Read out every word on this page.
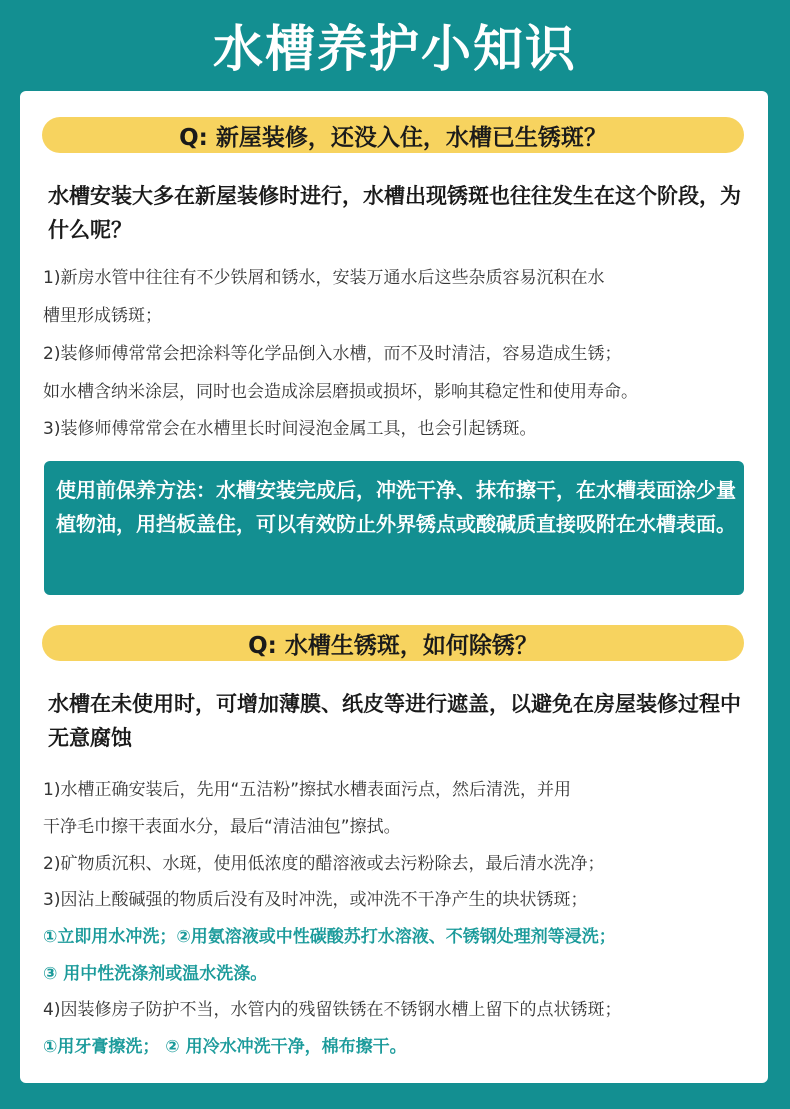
水槽养护小知识
Q: 新屋装修，还没入住，水槽已生锈斑？
水槽安装大多在新屋装修时进行，水槽出现锈斑也往往发生在这个阶段，为什么呢？
1)新房水管中往往有不少铁屑和锈水，安装万通水后这些杂质容易沉积在水
槽里形成锈斑；
2)装修师傅常常会把涂料等化学品倒入水槽，而不及时清洁，容易造成生锈；
如水槽含纳米涂层，同时也会造成涂层磨损或损坏，影响其稳定性和使用寿命。
3)装修师傅常常会在水槽里长时间浸泡金属工具，也会引起锈斑。
使用前保养方法：水槽安装完成后，冲洗干净、抹布擦干，在水槽表面涂少量植物油，用挡板盖住，可以有效防止外界锈点或酸碱质直接吸附在水槽表面。
Q: 水槽生锈斑，如何除锈？
水槽在未使用时，可增加薄膜、纸皮等进行遮盖，以避免在房屋装修过程中无意腐蚀
1)水槽正确安装后，先用“五洁粉”擦拭水槽表面污点，然后清洗，并用
干净毛巾擦干表面水分，最后“清洁油包”擦拭。
2)矿物质沉积、水斑，使用低浓度的醋溶液或去污粉除去，最后清水洗净；
3)因沾上酸碱强的物质后没有及时冲洗，或冲洗不干净产生的块状锈斑；
①立即用水冲洗；②用氨溶液或中性碳酸苏打水溶液、不锈钢处理剂等浸洗；
③ 用中性洗涤剂或温水洗涤。
4)因装修房子防护不当，水管内的残留铁锈在不锈钢水槽上留下的点状锈斑；
①用牙膏擦洗； ② 用冷水冲洗干净，棉布擦干。
